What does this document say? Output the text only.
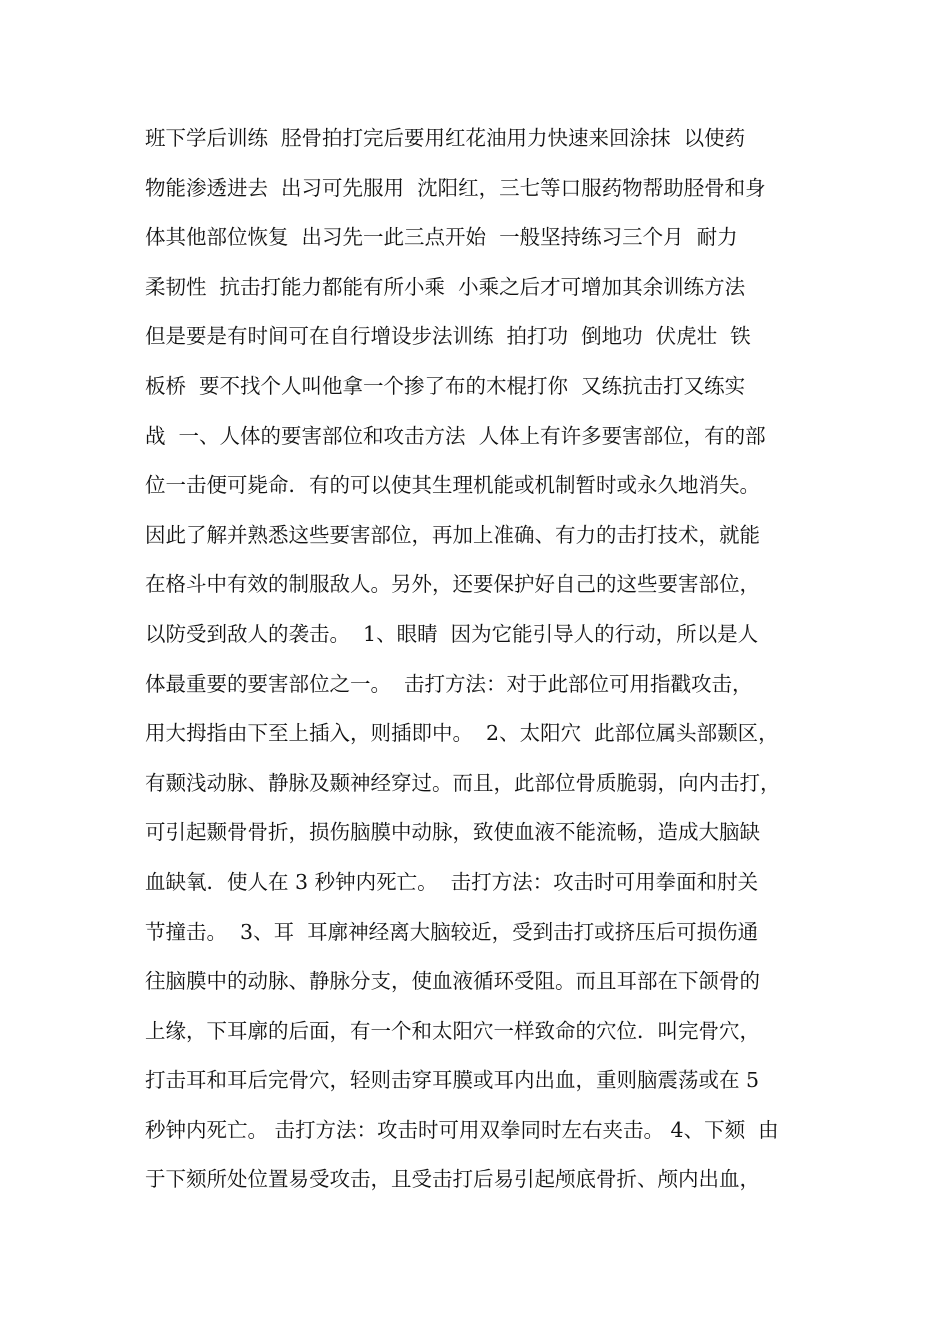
班下学后训练  胫骨拍打完后要用红花油用力快速来回涂抹  以使药
物能渗透进去  出习可先服用  沈阳红，三七等口服药物帮助胫骨和身
体其他部位恢复  出习先一此三点开始  一般坚持练习三个月  耐力
柔韧性  抗击打能力都能有所小乘  小乘之后才可增加其余训练方法
但是要是有时间可在自行增设步法训练  拍打功  倒地功  伏虎壮  铁
板桥  要不找个人叫他拿一个掺了布的木棍打你  又练抗击打又练实
战  一、人体的要害部位和攻击方法  人体上有许多要害部位，有的部
位一击便可毙命．有的可以使其生理机能或机制暂时或永久地消失。
因此了解并熟悉这些要害部位，再加上准确、有力的击打技术，就能
在格斗中有效的制服敌人。另外，还要保护好自己的这些要害部位，
以防受到敌人的袭击。  1、眼睛  因为它能引导人的行动，所以是人
体最重要的要害部位之一。  击打方法：对于此部位可用指戳攻击，
用大拇指由下至上插入，则插即中。  2、太阳穴  此部位属头部颞区，
有颞浅动脉、静脉及颞神经穿过。而且，此部位骨质脆弱，向内击打，
可引起颞骨骨折，损伤脑膜中动脉，致使血液不能流畅，造成大脑缺
血缺氧．使人在 3 秒钟内死亡。  击打方法：攻击时可用拳面和肘关
节撞击。  3、耳  耳廓神经离大脑较近，受到击打或挤压后可损伤通
往脑膜中的动脉、静脉分支，使血液循环受阻。而且耳部在下颌骨的
上缘，下耳廓的后面，有一个和太阳穴一样致命的穴位．叫完骨穴，
打击耳和耳后完骨穴，轻则击穿耳膜或耳内出血，重则脑震荡或在 5
秒钟内死亡。 击打方法：攻击时可用双拳同时左右夹击。 4、下颏  由
于下颏所处位置易受攻击，且受击打后易引起颅底骨折、颅内出血，
